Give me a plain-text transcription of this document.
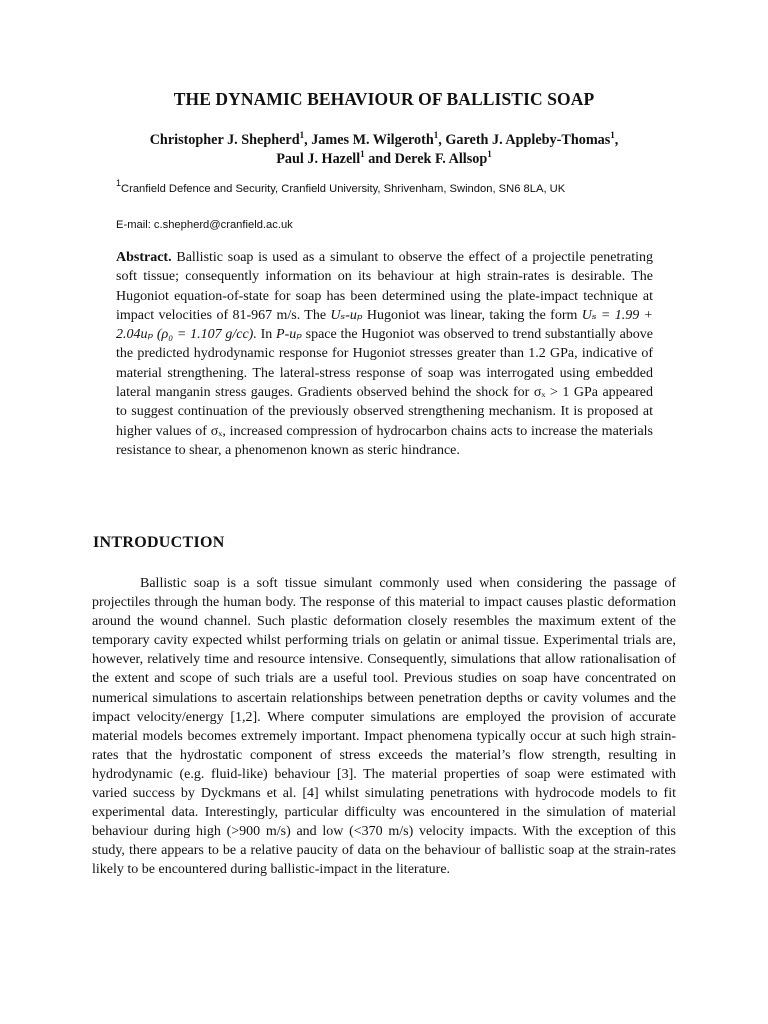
THE DYNAMIC BEHAVIOUR OF BALLISTIC SOAP
Christopher J. Shepherd$^1$, James M. Wilgeroth$^1$, Gareth J. Appleby-Thomas$^1$,
Paul J. Hazell$^1$ and Derek F. Allsop$^1$
$^1$Cranfield Defence and Security, Cranfield University, Shrivenham, Swindon, SN6 8LA, UK
E-mail: c.shepherd@cranfield.ac.uk

Abstract. Ballistic soap is used as a simulant to observe the effect of a projectile penetrating soft tissue; consequently information on its behaviour at high strain-rates is desirable. The Hugoniot equation-of-state for soap has been determined using the plate-impact technique at impact velocities of 81-967 m/s. The Uₛ-uₚ Hugoniot was linear, taking the form Uₛ = 1.99 + 2.04uₚ (ρ₀ = 1.107 g/cc). In P-uₚ space the Hugoniot was observed to trend substantially above the predicted hydrodynamic response for Hugoniot stresses greater than 1.2 GPa, indicative of material strengthening. The lateral-stress response of soap was interrogated using embedded lateral manganin stress gauges. Gradients observed behind the shock for σₓ > 1 GPa appeared to suggest continuation of the previously observed strengthening mechanism. It is proposed at higher values of σₓ, increased compression of hydrocarbon chains acts to increase the materials resistance to shear, a phenomenon known as steric hindrance.

INTRODUCTION

Ballistic soap is a soft tissue simulant commonly used when considering the passage of projectiles through the human body. The response of this material to impact causes plastic deformation around the wound channel. Such plastic deformation closely resembles the maximum extent of the temporary cavity expected whilst performing trials on gelatin or animal tissue. Experimental trials are, however, relatively time and resource intensive. Consequently, simulations that allow rationalisation of the extent and scope of such trials are a useful tool. Previous studies on soap have concentrated on numerical simulations to ascertain relationships between penetration depths or cavity volumes and the impact velocity/energy [1,2]. Where computer simulations are employed the provision of accurate material models becomes extremely important. Impact phenomena typically occur at such high strain-rates that the hydrostatic component of stress exceeds the material’s flow strength, resulting in hydrodynamic (e.g. fluid-like) behaviour [3]. The material properties of soap were estimated with varied success by Dyckmans et al. [4] whilst simulating penetrations with hydrocode models to fit experimental data. Interestingly, particular difficulty was encountered in the simulation of material behaviour during high (>900 m/s) and low (<370 m/s) velocity impacts. With the exception of this study, there appears to be a relative paucity of data on the behaviour of ballistic soap at the strain-rates likely to be encountered during ballistic-impact in the literature.
